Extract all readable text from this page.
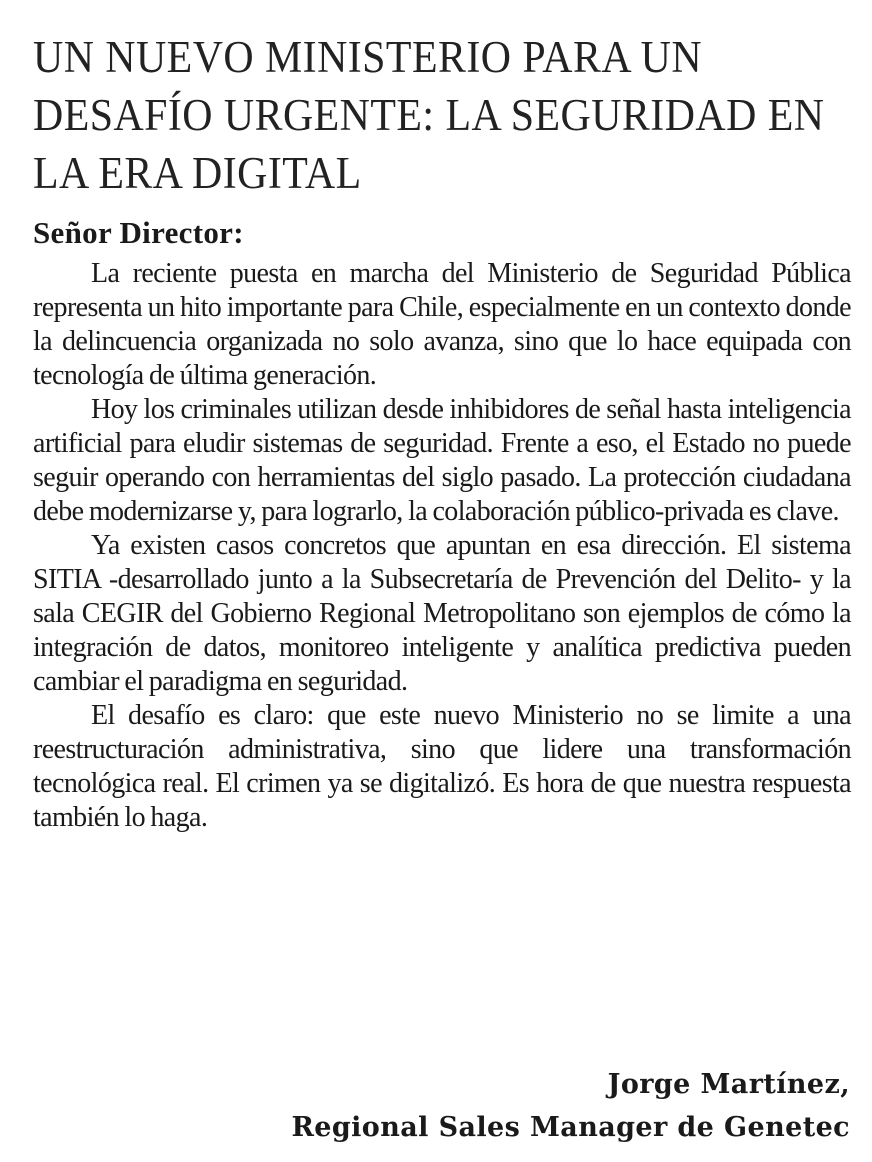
UN NUEVO MINISTERIO PARA UN DESAFÍO URGENTE: LA SEGURIDAD EN LA ERA DIGITAL
Señor Director:

La reciente puesta en marcha del Ministerio de Seguridad Pública representa un hito importante para Chile, especialmente en un contexto donde la delincuencia organizada no solo avanza, sino que lo hace equipada con tecnología de última generación.

Hoy los criminales utilizan desde inhibidores de señal hasta inteligencia artificial para eludir sistemas de seguridad. Frente a eso, el Estado no puede seguir operando con herramientas del siglo pasado. La protección ciudadana debe modernizarse y, para lograrlo, la colaboración público-privada es clave.

Ya existen casos concretos que apuntan en esa dirección. El sistema SITIA -desarrollado junto a la Subsecretaría de Prevención del Delito- y la sala CEGIR del Gobierno Regional Metropolitano son ejemplos de cómo la integración de datos, monitoreo inteligente y analítica predictiva pueden cambiar el paradigma en seguridad.

El desafío es claro: que este nuevo Ministerio no se limite a una reestructuración administrativa, sino que lidere una transformación tecnológica real. El crimen ya se digitalizó. Es hora de que nuestra respuesta también lo haga.

Jorge Martínez,
Regional Sales Manager de Genetec
